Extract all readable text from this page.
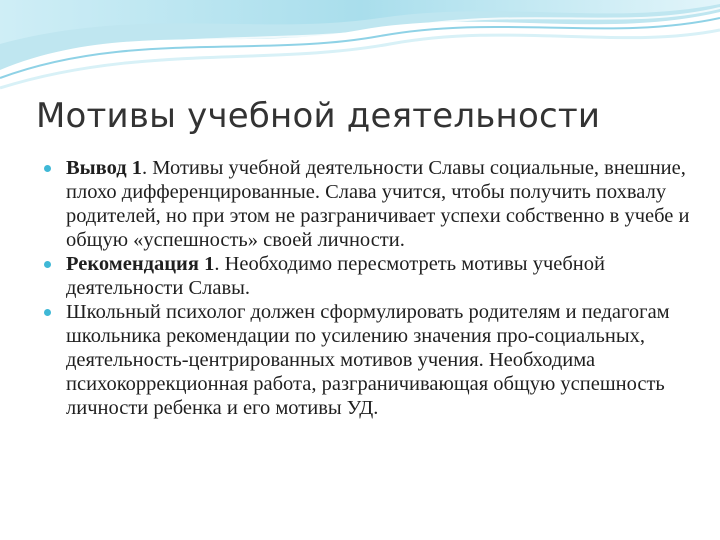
Мотивы учебной деятельности
Вывод 1. Мотивы учебной деятельности Славы социальные, внешние, плохо дифференцированные. Слава учится, чтобы получить похвалу родителей, но при этом не разграничивает успехи собственно в учебе и общую «успешность» своей личности.
Рекомендация 1. Необходимо пересмотреть мотивы учебной деятельности Славы.
Школьный психолог должен сформулировать родителям и педагогам школьника рекомендации по усилению значения про-социальных, деятельность-центрированных мотивов учения. Необходима психокоррекционная работа, разграничивающая общую успешность личности ребенка и его мотивы УД.
